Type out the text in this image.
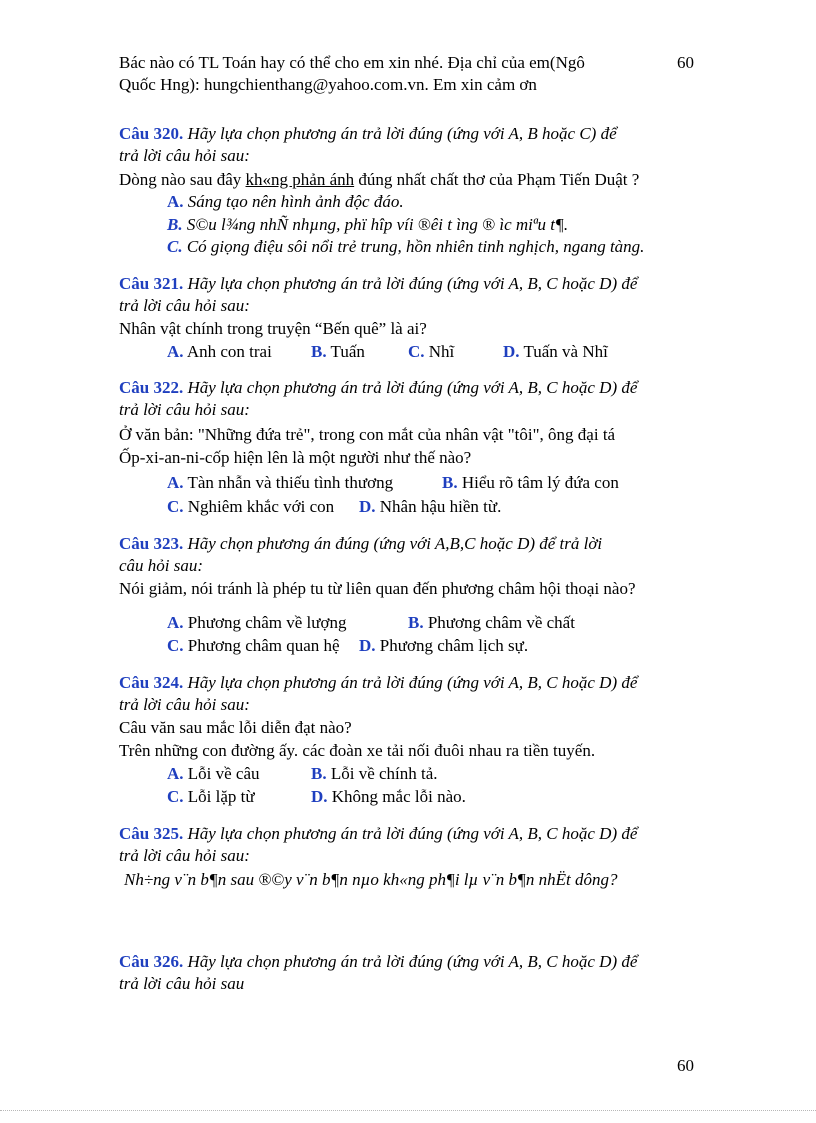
Bác nào có TL Toán hay có thể cho em xin nhé. Địa chỉ của em(Ngô	60
Quốc Hng): hungchienthang@yahoo.com.vn. Em xin cảm ơn
Câu 320. Hãy lựa chọn phương án trả lời đúng (ứng với A, B hoặc C) để
trả lời câu hỏi sau:
Dòng nào sau đây kh«ng phản ánh đúng nhất chất thơ của Phạm Tiến Duật ?
A. Sáng tạo nên hình ảnh độc đáo.
B. S©u l¾ng nhÑ nhµng, phï hîp víi ®êi t ìng ® ìc miªu t¶.
C. Có giọng điệu sôi nổi trẻ trung, hồn nhiên tinh nghịch, ngang tàng.
Câu 321. Hãy lựa chọn phương án trả lời đúng (ứng với A, B, C hoặc D) để
trả lời câu hỏi sau:
Nhân vật chính trong truyện “Bến quê” là ai?
A. Anh con trai B. Tuấn	C. Nhĩ	D. Tuấn và Nhĩ
Câu 322. Hãy lựa chọn phương án trả lời đúng (ứng với A, B, C hoặc D) để
trả lời câu hỏi sau:
Ở văn bản: "Những đứa trẻ", trong con mắt của nhân vật "tôi", ông đại tá
Ốp-xi-an-ni-cốp hiện lên là một người như thế nào?
A. Tàn nhẫn và thiếu tình thương	B. Hiểu rõ tâm lý đứa con
C. Nghiêm khắc với con D. Nhân hậu hiền từ.
Câu 323. Hãy chọn phương án đúng (ứng với A,B,C hoặc D) để trả lời
câu hỏi sau:
Nói giảm, nói tránh là phép tu từ liên quan đến phương châm hội thoại nào?
A. Phương châm về lượng	B. Phương châm về chất
C. Phương châm quan hệ D. Phương châm lịch sự.
Câu 324. Hãy lựa chọn phương án trả lời đúng (ứng với A, B, C hoặc D) để
trả lời câu hỏi sau:
Câu văn sau mắc lỗi diễn đạt nào?
Trên những con đường ấy. các đoàn xe tải nối đuôi nhau ra tiền tuyến.
A. Lỗi về câu	B. Lỗi về chính tả.
C. Lỗi lặp từ	D. Không mắc lỗi nào.
Câu 325. Hãy lựa chọn phương án trả lời đúng (ứng với A, B, C hoặc D) để
trả lời câu hỏi sau:
Nh÷ng v¨n b¶n sau ®©y v¨n b¶n nµo kh«ng ph¶i lµ v¨n b¶n nhËt dông?
Câu 326. Hãy lựa chọn phương án trả lời đúng (ứng với A, B, C hoặc D) để
trả lời câu hỏi sau
60
